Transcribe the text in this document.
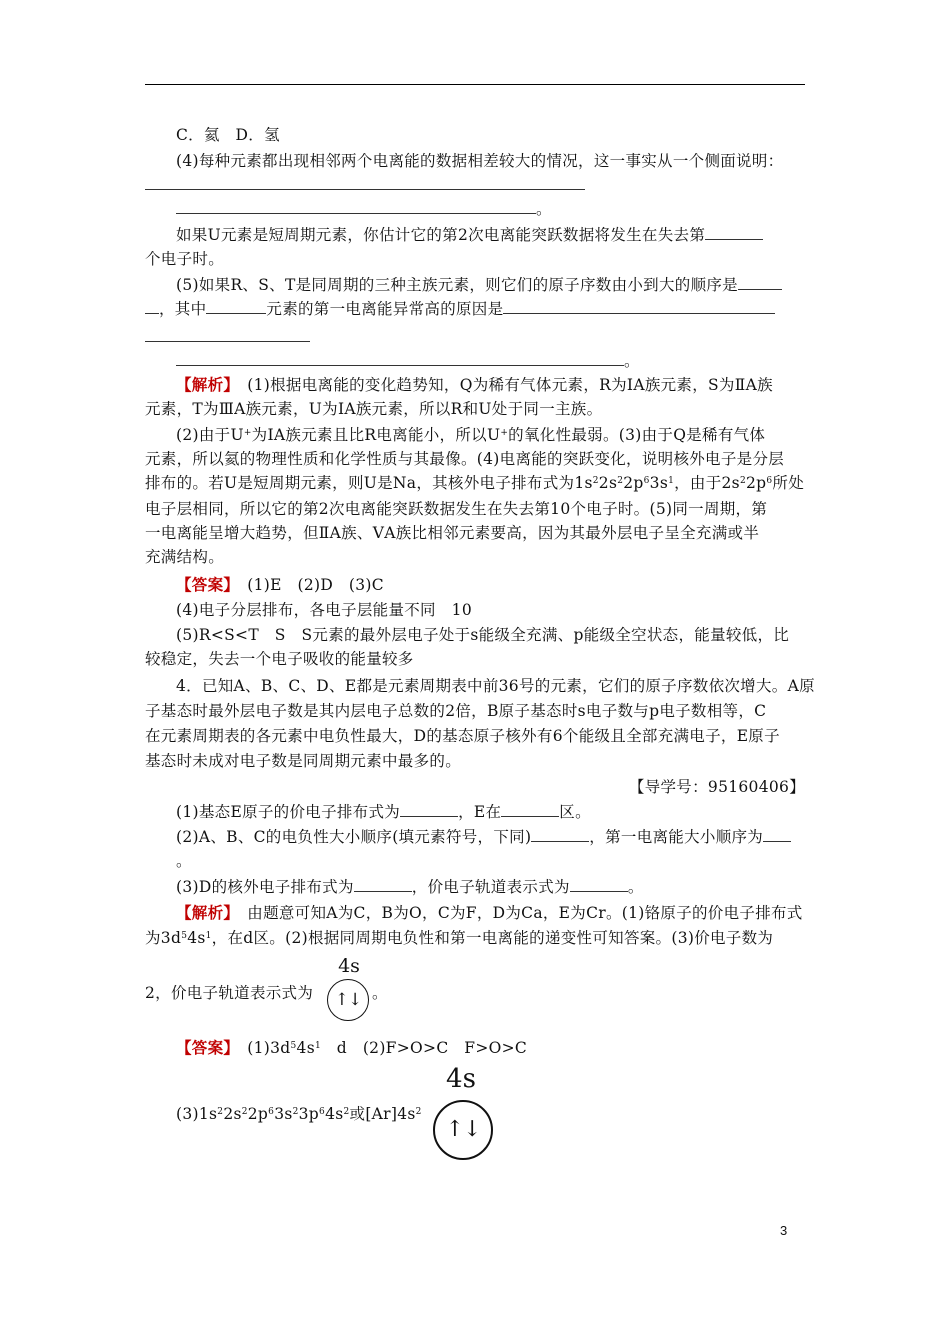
C．氦　D．氢
(4)每种元素都出现相邻两个电离能的数据相差较大的情况，这一事实从一个侧面说明：
。
如果U元素是短周期元素，你估计它的第2次电离能突跃数据将发生在失去第
个电子时。
(5)如果R、S、T是同周期的三种主族元素，则它们的原子序数由小到大的顺序是
，其中	元素的第一电离能异常高的原因是
。
【解析】　 (1)根据电离能的变化趋势知，Q为稀有气体元素，R为ⅠA族元素，S为ⅡA族
元素，T为ⅢA族元素，U为ⅠA族元素，所以R和U处于同一主族。
(2)由于U+为ⅠA族元素且比R电离能小，所以U+的氧化性最弱。(3)由于Q是稀有气体
元素，所以氦的物理性质和化学性质与其最像。(4)电离能的突跃变化，说明核外电子是分层
排布的。若U是短周期元素，则U是Na，其核外电子排布式为$1s^22s^22p^63s^1$，由于$2s^22p^6$所处
电子层相同，所以它的第2次电离能突跃数据发生在失去第10个电子时。(5)同一周期，第
一电离能呈增大趋势，但ⅡA族、ⅤA族比相邻元素要高，因为其最外层电子呈全充满或半
充满结构。
【答案】　 (1)E　(2)D　(3)C
(4)电子分层排布，各电子层能量不同　10
(5)R<S<T　S　S元素的最外层电子处于s能级全充满、p能级全空状态，能量较低，比
较稳定，失去一个电子吸收的能量较多
4．已知A、B、C、D、E都是元素周期表中前36号的元素，它们的原子序数依次增大。A原
子基态时最外层电子数是其内层电子总数的2倍，B原子基态时s电子数与p电子数相等，C
在元素周期表的各元素中电负性最大，D的基态原子核外有6个能级且全部充满电子，E原子
基态时未成对电子数是同周期元素中最多的。
【导学号：95160406】
(1)基态E原子的价电子排布式为	，E在	区。
(2)A、B、C的电负性大小顺序(填元素符号，下同)	，第一电离能大小顺序为
。
(3)D的核外电子排布式为	，价电子轨道表示式为	。
【解析】　 由题意可知A为C，B为O，C为F，D为Ca，E为Cr。(1)铬原子的价电子排布式
为$3d^54s^1$，在d区。(2)根据同周期电负性和第一电离能的递变性可知答案。(3)价电子数为
2，价电子轨道表示式为
4s
↑↓ 。
【答案】　 $(1)3d^54s^1$　d　(2)F>O>C　F>O>C
$(3)1s^22s^22p^63s^23p^64s^2$或$[Ar]4s^2$
4s
↑↓
3
